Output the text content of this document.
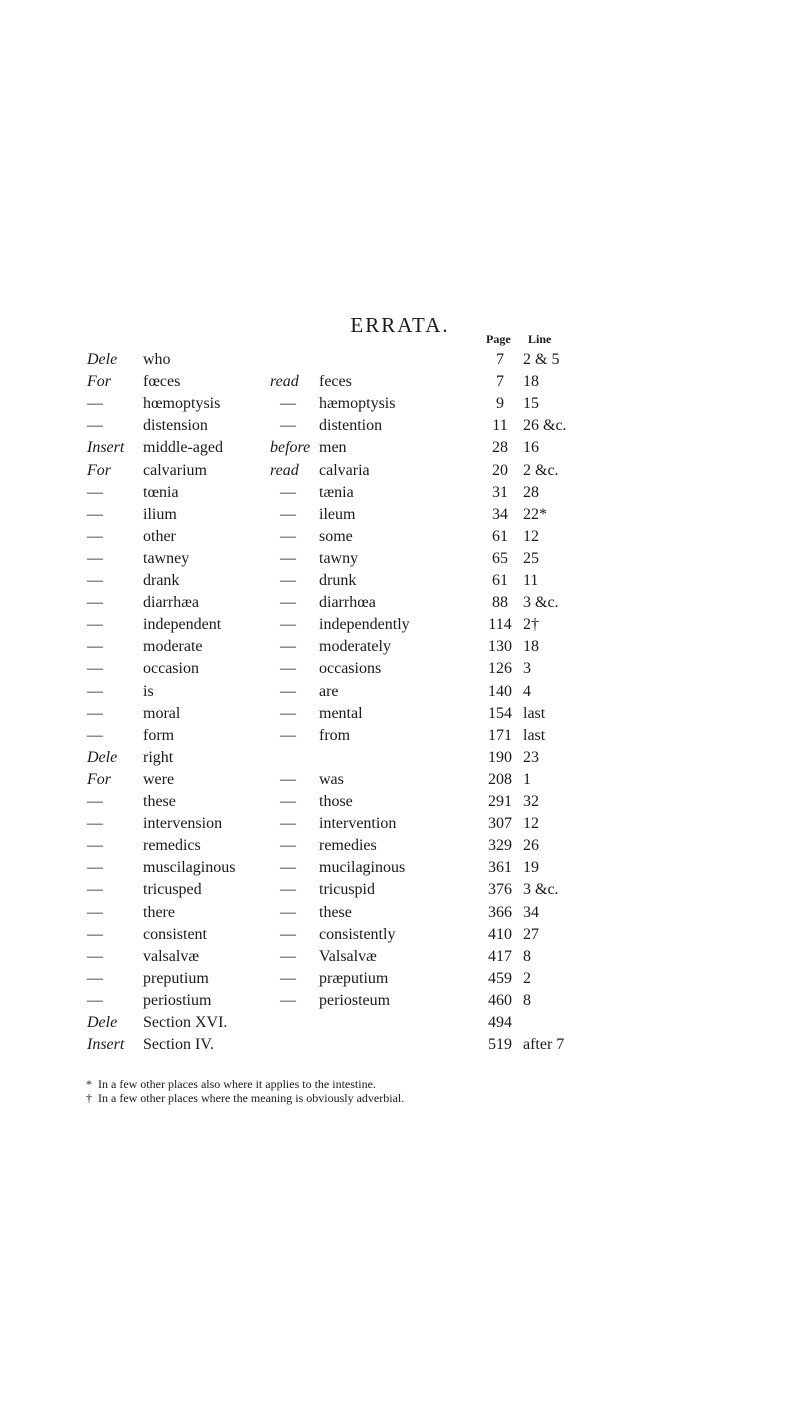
ERRATA.
Page Line
Dele who	7	2 & 5
For fœces	read feces	7	18
—	hœmoptysis	— hæmoptysis	9	15
—	distension	— distention	11 26 &c.
Insert middle-aged	before men	28 16
For calvarium	read calvaria	20 2 &c.
—	tœnia	— tænia	31 28
—	ilium	— ileum	34 22*
—	other	— some	61 12
—	tawney	— tawny	65 25
—	drank	— drunk	61 11
—	diarrhæa	— diarrhœa	88 3 &c.
—	independent	— independently	114 2†
—	moderate	— moderately	130 18
—	occasion	— occasions	126 3
—	is	— are	140 4
—	moral	— mental	154 last
—	form	— from	171 last
Dele right	190 23
For were	— was	208 1
—	these	— those	291 32
—	intervension	— intervention	307 12
—	remedics	— remedies	329 26
—	muscilaginous	— mucilaginous	361 19
—	tricusped	— tricuspid	376 3 &c.
—	there	— these	366 34
—	consistent	— consistently	410 27
—	valsalvæ	— Valsalvæ	417 8
—	preputium	— præputium	459 2
—	periostium	— periosteum	460 8
Dele Section XVI.	494
Insert Section IV.	519 after 7
* In a few other places also where it applies to the intestine.
† In a few other places where the meaning is obviously adverbial.
